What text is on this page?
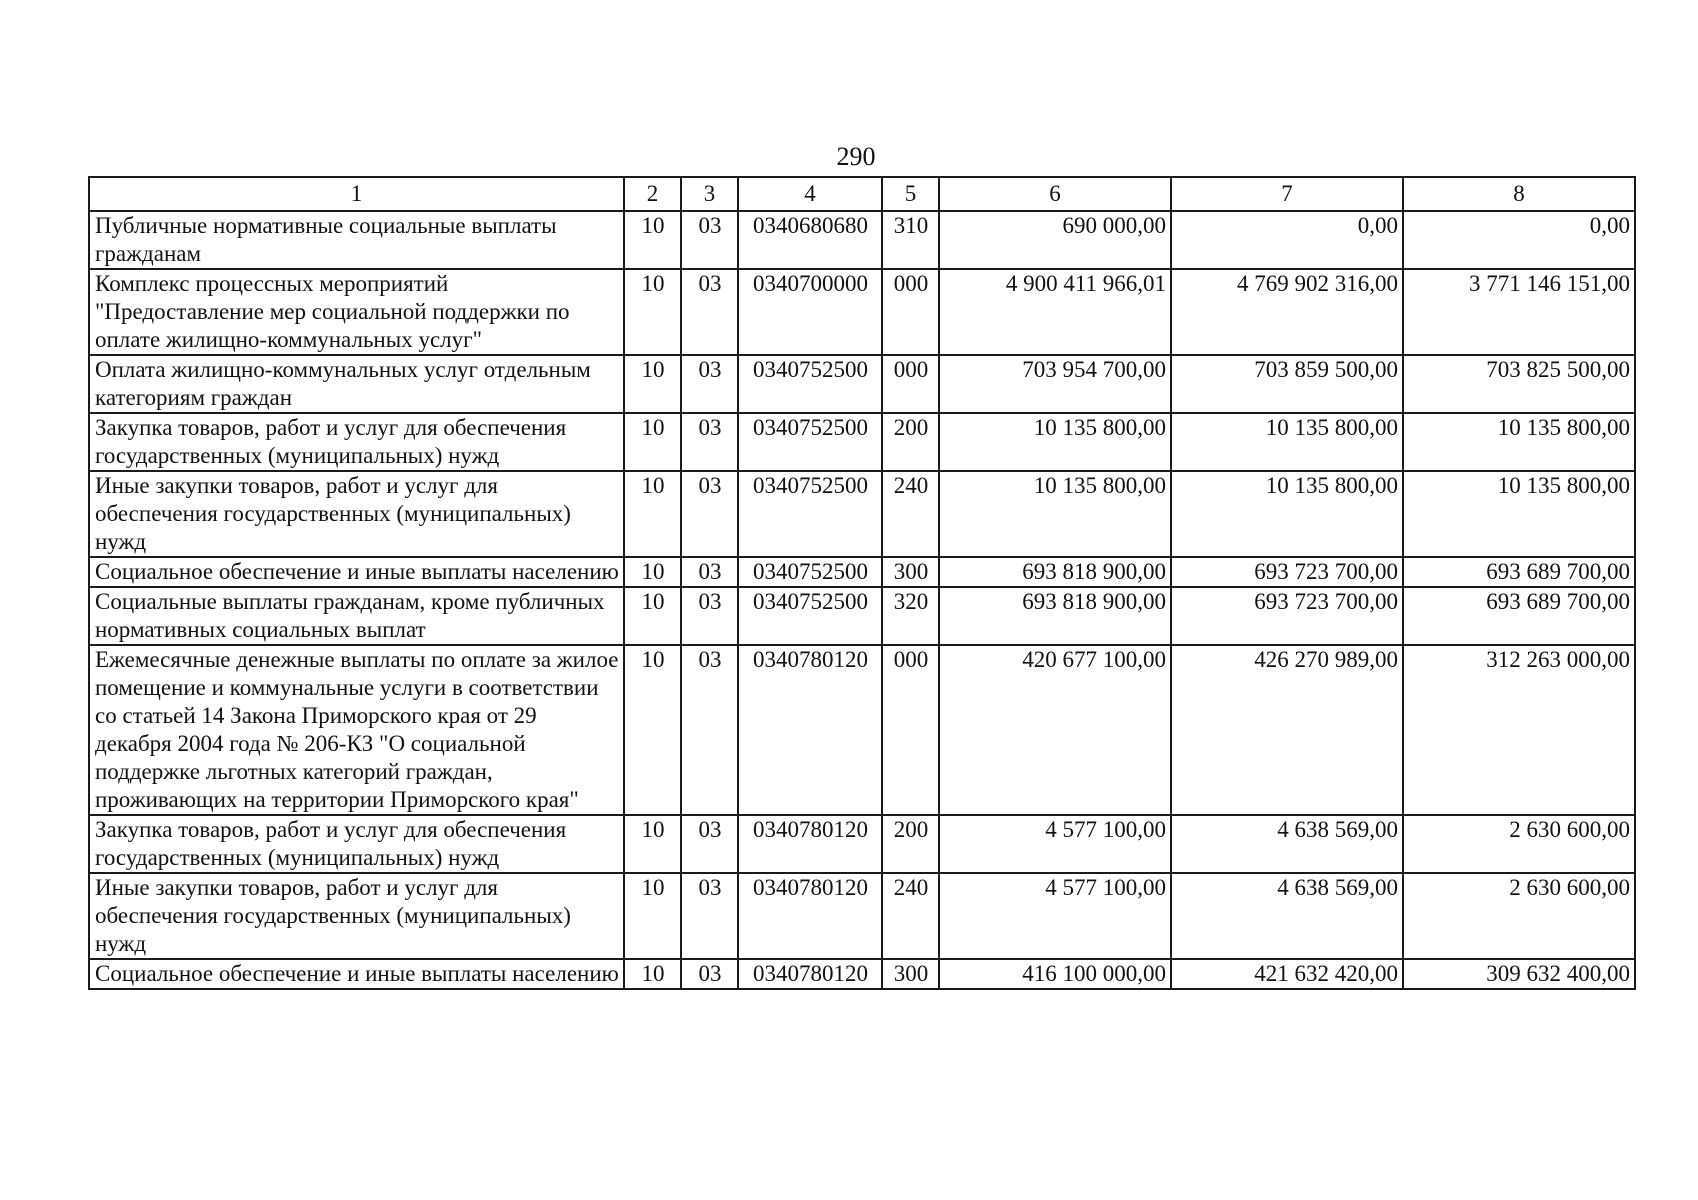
290
1	2	3	4	5	6	7	8
Публичные нормативные социальные выплаты гражданам	10	03	0340680680	310	690 000,00	0,00	0,00
Комплекс процессных мероприятий "Предоставление мер социальной поддержки по оплате жилищно-коммунальных услуг"	10	03	0340700000	000	4 900 411 966,01	4 769 902 316,00	3 771 146 151,00
Оплата жилищно-коммунальных услуг отдельным категориям граждан	10	03	0340752500	000	703 954 700,00	703 859 500,00	703 825 500,00
Закупка товаров, работ и услуг для обеспечения государственных (муниципальных) нужд	10	03	0340752500	200	10 135 800,00	10 135 800,00	10 135 800,00
Иные закупки товаров, работ и услуг для обеспечения государственных (муниципальных) нужд	10	03	0340752500	240	10 135 800,00	10 135 800,00	10 135 800,00
Социальное обеспечение и иные выплаты населению	10	03	0340752500	300	693 818 900,00	693 723 700,00	693 689 700,00
Социальные выплаты гражданам, кроме публичных нормативных социальных выплат	10	03	0340752500	320	693 818 900,00	693 723 700,00	693 689 700,00
Ежемесячные денежные выплаты по оплате за жилое помещение и коммунальные услуги в соответствии со статьей 14 Закона Приморского края от 29 декабря 2004 года № 206-КЗ "О социальной поддержке льготных категорий граждан, проживающих на территории Приморского края"	10	03	0340780120	000	420 677 100,00	426 270 989,00	312 263 000,00
Закупка товаров, работ и услуг для обеспечения государственных (муниципальных) нужд	10	03	0340780120	200	4 577 100,00	4 638 569,00	2 630 600,00
Иные закупки товаров, работ и услуг для обеспечения государственных (муниципальных) нужд	10	03	0340780120	240	4 577 100,00	4 638 569,00	2 630 600,00
Социальное обеспечение и иные выплаты населению	10	03	0340780120	300	416 100 000,00	421 632 420,00	309 632 400,00
